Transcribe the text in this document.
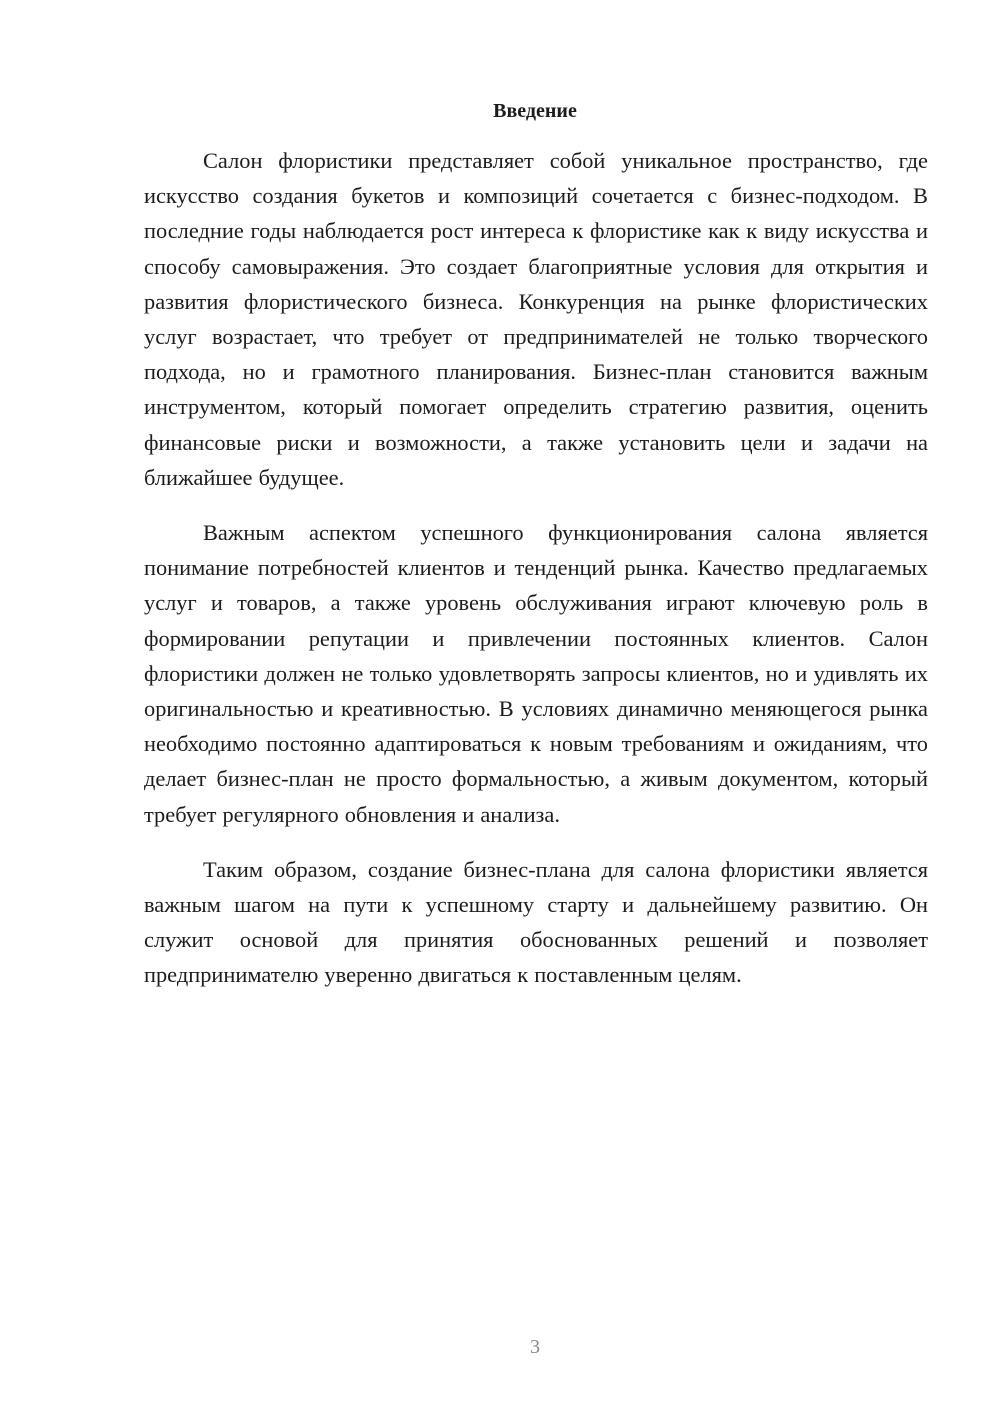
Введение

Салон флористики представляет собой уникальное пространство, где искусство создания букетов и композиций сочетается с бизнес-подходом. В последние годы наблюдается рост интереса к флористике как к виду искусства и способу самовыражения. Это создает благоприятные условия для открытия и развития флористического бизнеса. Конкуренция на рынке флористических услуг возрастает, что требует от предпринимателей не только творческого подхода, но и грамотного планирования. Бизнес-план становится важным инструментом, который помогает определить стратегию развития, оценить финансовые риски и возможности, а также установить цели и задачи на ближайшее будущее.

Важным аспектом успешного функционирования салона является понимание потребностей клиентов и тенденций рынка. Качество предлагаемых услуг и товаров, а также уровень обслуживания играют ключевую роль в формировании репутации и привлечении постоянных клиентов. Салон флористики должен не только удовлетворять запросы клиентов, но и удивлять их оригинальностью и креативностью. В условиях динамично меняющегося рынка необходимо постоянно адаптироваться к новым требованиям и ожиданиям, что делает бизнес-план не просто формальностью, а живым документом, который требует регулярного обновления и анализа.

Таким образом, создание бизнес-плана для салона флористики является важным шагом на пути к успешному старту и дальнейшему развитию. Он служит основой для принятия обоснованных решений и позволяет предпринимателю уверенно двигаться к поставленным целям.

3
